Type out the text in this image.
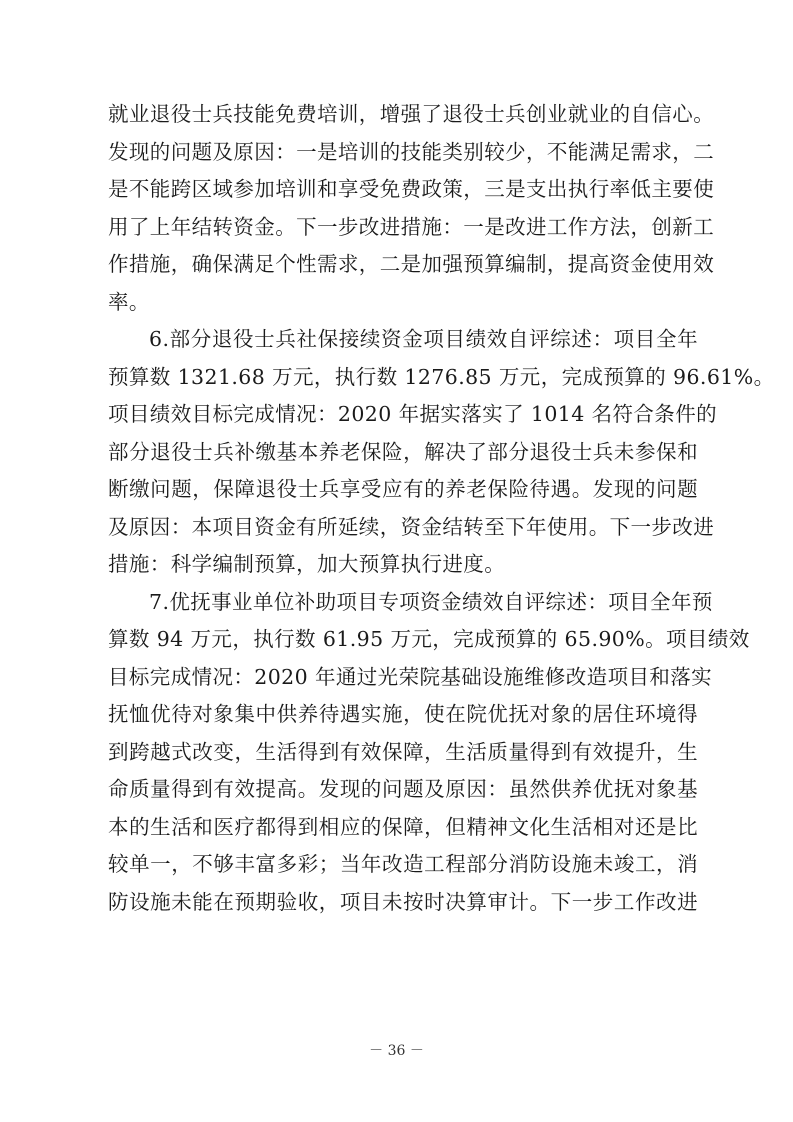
就业退役士兵技能免费培训，增强了退役士兵创业就业的自信心。
发现的问题及原因：一是培训的技能类别较少，不能满足需求，二
是不能跨区域参加培训和享受免费政策，三是支出执行率低主要使
用了上年结转资金。下一步改进措施：一是改进工作方法，创新工
作措施，确保满足个性需求，二是加强预算编制，提高资金使用效
率。
6.部分退役士兵社保接续资金项目绩效自评综述：项目全年
预算数 1321.68 万元，执行数 1276.85 万元，完成预算的 96.61%。
项目绩效目标完成情况：2020 年据实落实了 1014 名符合条件的
部分退役士兵补缴基本养老保险，解决了部分退役士兵未参保和
断缴问题，保障退役士兵享受应有的养老保险待遇。发现的问题
及原因：本项目资金有所延续，资金结转至下年使用。下一步改进
措施：科学编制预算，加大预算执行进度。
7.优抚事业单位补助项目专项资金绩效自评综述：项目全年预
算数 94 万元，执行数 61.95 万元，完成预算的 65.90%。项目绩效
目标完成情况：2020 年通过光荣院基础设施维修改造项目和落实
抚恤优待对象集中供养待遇实施，使在院优抚对象的居住环境得
到跨越式改变，生活得到有效保障，生活质量得到有效提升，生
命质量得到有效提高。发现的问题及原因：虽然供养优抚对象基
本的生活和医疗都得到相应的保障，但精神文化生活相对还是比
较单一，不够丰富多彩；当年改造工程部分消防设施未竣工，消
防设施未能在预期验收，项目未按时决算审计。下一步工作改进
－ 36 －
